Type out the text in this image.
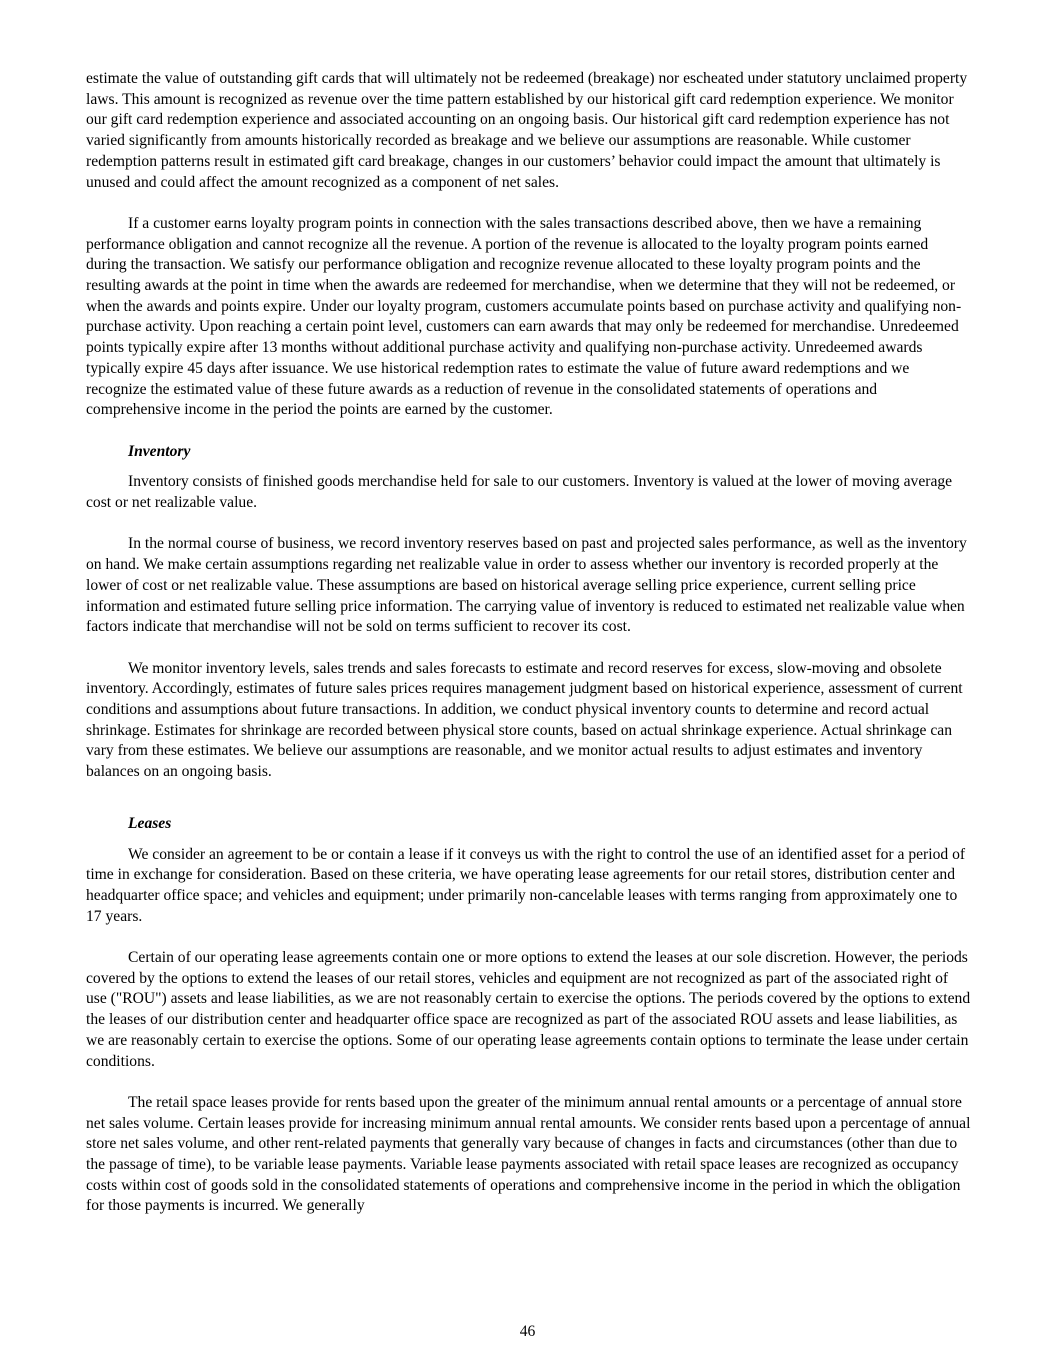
estimate the value of outstanding gift cards that will ultimately not be redeemed (breakage) nor escheated under statutory unclaimed property laws. This amount is recognized as revenue over the time pattern established by our historical gift card redemption experience. We monitor our gift card redemption experience and associated accounting on an ongoing basis. Our historical gift card redemption experience has not varied significantly from amounts historically recorded as breakage and we believe our assumptions are reasonable. While customer redemption patterns result in estimated gift card breakage, changes in our customers’ behavior could impact the amount that ultimately is unused and could affect the amount recognized as a component of net sales.

If a customer earns loyalty program points in connection with the sales transactions described above, then we have a remaining performance obligation and cannot recognize all the revenue. A portion of the revenue is allocated to the loyalty program points earned during the transaction. We satisfy our performance obligation and recognize revenue allocated to these loyalty program points and the resulting awards at the point in time when the awards are redeemed for merchandise, when we determine that they will not be redeemed, or when the awards and points expire. Under our loyalty program, customers accumulate points based on purchase activity and qualifying non-purchase activity. Upon reaching a certain point level, customers can earn awards that may only be redeemed for merchandise. Unredeemed points typically expire after 13 months without additional purchase activity and qualifying non-purchase activity. Unredeemed awards typically expire 45 days after issuance. We use historical redemption rates to estimate the value of future award redemptions and we recognize the estimated value of these future awards as a reduction of revenue in the consolidated statements of operations and comprehensive income in the period the points are earned by the customer.

Inventory

Inventory consists of finished goods merchandise held for sale to our customers. Inventory is valued at the lower of moving average cost or net realizable value.

In the normal course of business, we record inventory reserves based on past and projected sales performance, as well as the inventory on hand. We make certain assumptions regarding net realizable value in order to assess whether our inventory is recorded properly at the lower of cost or net realizable value. These assumptions are based on historical average selling price experience, current selling price information and estimated future selling price information. The carrying value of inventory is reduced to estimated net realizable value when factors indicate that merchandise will not be sold on terms sufficient to recover its cost.

We monitor inventory levels, sales trends and sales forecasts to estimate and record reserves for excess, slow-moving and obsolete inventory. Accordingly, estimates of future sales prices requires management judgment based on historical experience, assessment of current conditions and assumptions about future transactions. In addition, we conduct physical inventory counts to determine and record actual shrinkage. Estimates for shrinkage are recorded between physical store counts, based on actual shrinkage experience. Actual shrinkage can vary from these estimates. We believe our assumptions are reasonable, and we monitor actual results to adjust estimates and inventory balances on an ongoing basis.

Leases

We consider an agreement to be or contain a lease if it conveys us with the right to control the use of an identified asset for a period of time in exchange for consideration. Based on these criteria, we have operating lease agreements for our retail stores, distribution center and headquarter office space; and vehicles and equipment; under primarily non-cancelable leases with terms ranging from approximately one to 17 years.

Certain of our operating lease agreements contain one or more options to extend the leases at our sole discretion. However, the periods covered by the options to extend the leases of our retail stores, vehicles and equipment are not recognized as part of the associated right of use ("ROU") assets and lease liabilities, as we are not reasonably certain to exercise the options. The periods covered by the options to extend the leases of our distribution center and headquarter office space are recognized as part of the associated ROU assets and lease liabilities, as we are reasonably certain to exercise the options. Some of our operating lease agreements contain options to terminate the lease under certain conditions.

The retail space leases provide for rents based upon the greater of the minimum annual rental amounts or a percentage of annual store net sales volume. Certain leases provide for increasing minimum annual rental amounts. We consider rents based upon a percentage of annual store net sales volume, and other rent-related payments that generally vary because of changes in facts and circumstances (other than due to the passage of time), to be variable lease payments. Variable lease payments associated with retail space leases are recognized as occupancy costs within cost of goods sold in the consolidated statements of operations and comprehensive income in the period in which the obligation for those payments is incurred. We generally

46
